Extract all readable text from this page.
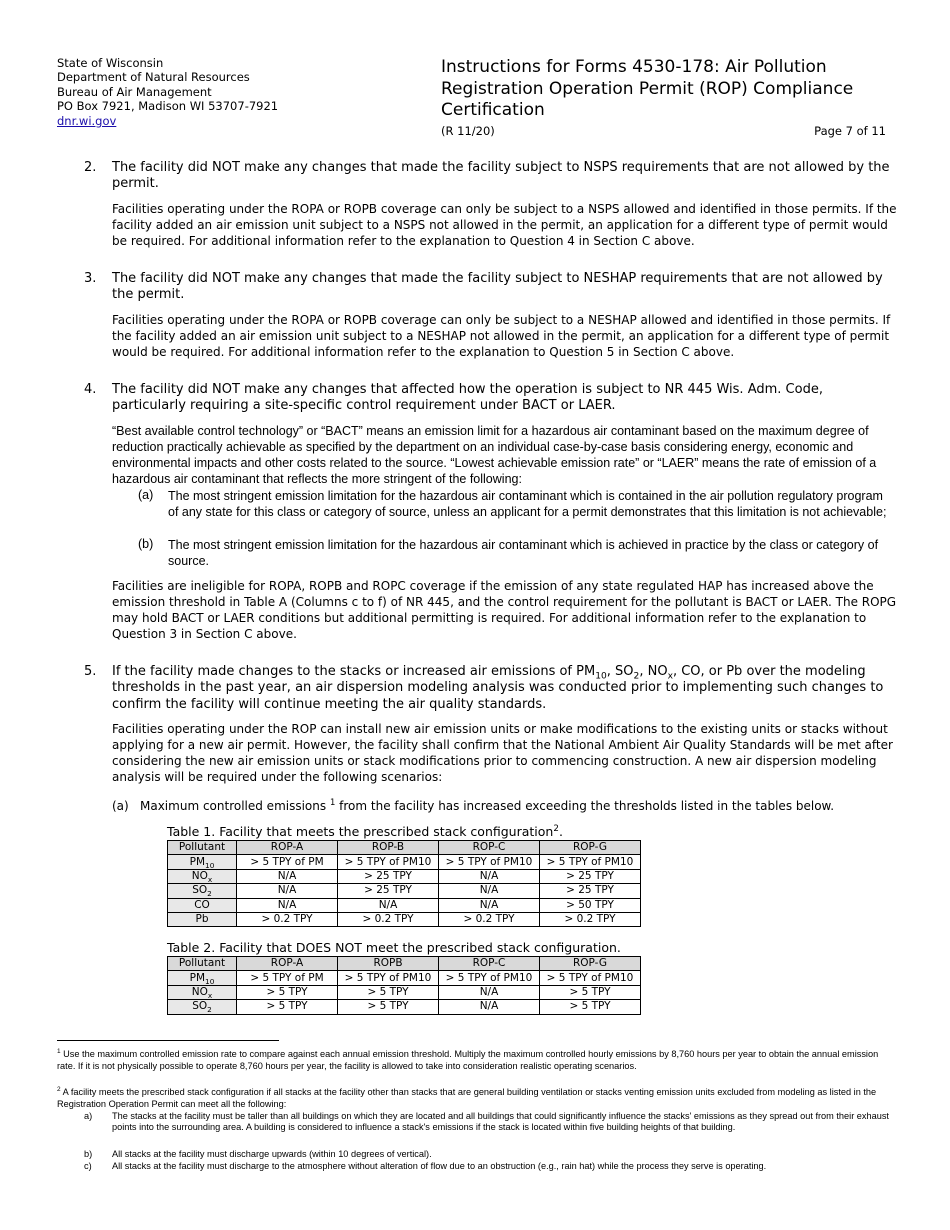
State of Wisconsin
Department of Natural Resources
Bureau of Air Management
PO Box 7921, Madison WI 53707-7921
dnr.wi.gov
Instructions for Forms 4530-178: Air Pollution Registration Operation Permit (ROP) Compliance Certification
(R 11/20)	Page 7 of 11
2. The facility did NOT make any changes that made the facility subject to NSPS requirements that are not allowed by the permit.
Facilities operating under the ROPA or ROPB coverage can only be subject to a NSPS allowed and identified in those permits. If the facility added an air emission unit subject to a NSPS not allowed in the permit, an application for a different type of permit would be required. For additional information refer to the explanation to Question 4 in Section C above.
3. The facility did NOT make any changes that made the facility subject to NESHAP requirements that are not allowed by the permit.
Facilities operating under the ROPA or ROPB coverage can only be subject to a NESHAP allowed and identified in those permits. If the facility added an air emission unit subject to a NESHAP not allowed in the permit, an application for a different type of permit would be required. For additional information refer to the explanation to Question 5 in Section C above.
4. The facility did NOT make any changes that affected how the operation is subject to NR 445 Wis. Adm. Code, particularly requiring a site-specific control requirement under BACT or LAER.
“Best available control technology” or “BACT” means an emission limit for a hazardous air contaminant based on the maximum degree of reduction practically achievable as specified by the department on an individual case-by-case basis considering energy, economic and environmental impacts and other costs related to the source. “Lowest achievable emission rate” or “LAER” means the rate of emission of a hazardous air contaminant that reflects the more stringent of the following:
(a) The most stringent emission limitation for the hazardous air contaminant which is contained in the air pollution regulatory program of any state for this class or category of source, unless an applicant for a permit demonstrates that this limitation is not achievable;
(b) The most stringent emission limitation for the hazardous air contaminant which is achieved in practice by the class or category of source.
Facilities are ineligible for ROPA, ROPB and ROPC coverage if the emission of any state regulated HAP has increased above the emission threshold in Table A (Columns c to f) of NR 445, and the control requirement for the pollutant is BACT or LAER. The ROPG may hold BACT or LAER conditions but additional permitting is required. For additional information refer to the explanation to Question 3 in Section C above.
5. If the facility made changes to the stacks or increased air emissions of $PM_{10}$, $SO_2$, $NO_x$, CO, or Pb over the modeling thresholds in the past year, an air dispersion modeling analysis was conducted prior to implementing such changes to confirm the facility will continue meeting the air quality standards.
Facilities operating under the ROP can install new air emission units or make modifications to the existing units or stacks without applying for a new air permit. However, the facility shall confirm that the National Ambient Air Quality Standards will be met after considering the new air emission units or stack modifications prior to commencing construction. A new air dispersion modeling analysis will be required under the following scenarios:
(a) Maximum controlled emissions $^1$ from the facility has increased exceeding the thresholds listed in the tables below.
Table 1. Facility that meets the prescribed stack configuration$^2$.
Pollutant	ROP-A	ROP-B	ROP-C	ROP-G
$PM_{10}$	> 5 TPY of PM	> 5 TPY of PM10	> 5 TPY of PM10	> 5 TPY of PM10
$NO_x$	N/A	> 25 TPY	N/A	> 25 TPY
$SO_2$	N/A	> 25 TPY	N/A	> 25 TPY
CO	N/A	N/A	N/A	> 50 TPY
Pb	> 0.2 TPY	> 0.2 TPY	> 0.2 TPY	> 0.2 TPY
Table 2. Facility that DOES NOT meet the prescribed stack configuration.
Pollutant	ROP-A	ROPB	ROP-C	ROP-G
$PM_{10}$	> 5 TPY of PM	> 5 TPY of PM10	> 5 TPY of PM10	> 5 TPY of PM10
$NO_x$	> 5 TPY	> 5 TPY	N/A	> 5 TPY
$SO_2$	> 5 TPY	> 5 TPY	N/A	> 5 TPY
$^1$ Use the maximum controlled emission rate to compare against each annual emission threshold. Multiply the maximum controlled hourly emissions by 8,760 hours per year to obtain the annual emission rate. If it is not physically possible to operate 8,760 hours per year, the facility is allowed to take into consideration realistic operating scenarios.
$^2$ A facility meets the prescribed stack configuration if all stacks at the facility other than stacks that are general building ventilation or stacks venting emission units excluded from modeling as listed in the Registration Operation Permit can meet all the following:
a) The stacks at the facility must be taller than all buildings on which they are located and all buildings that could significantly influence the stacks' emissions as they spread out from their exhaust points into the surrounding area. A building is considered to influence a stack's emissions if the stack is located within five building heights of that building.
b) All stacks at the facility must discharge upwards (within 10 degrees of vertical).
c) All stacks at the facility must discharge to the atmosphere without alteration of flow due to an obstruction (e.g., rain hat) while the process they serve is operating.
